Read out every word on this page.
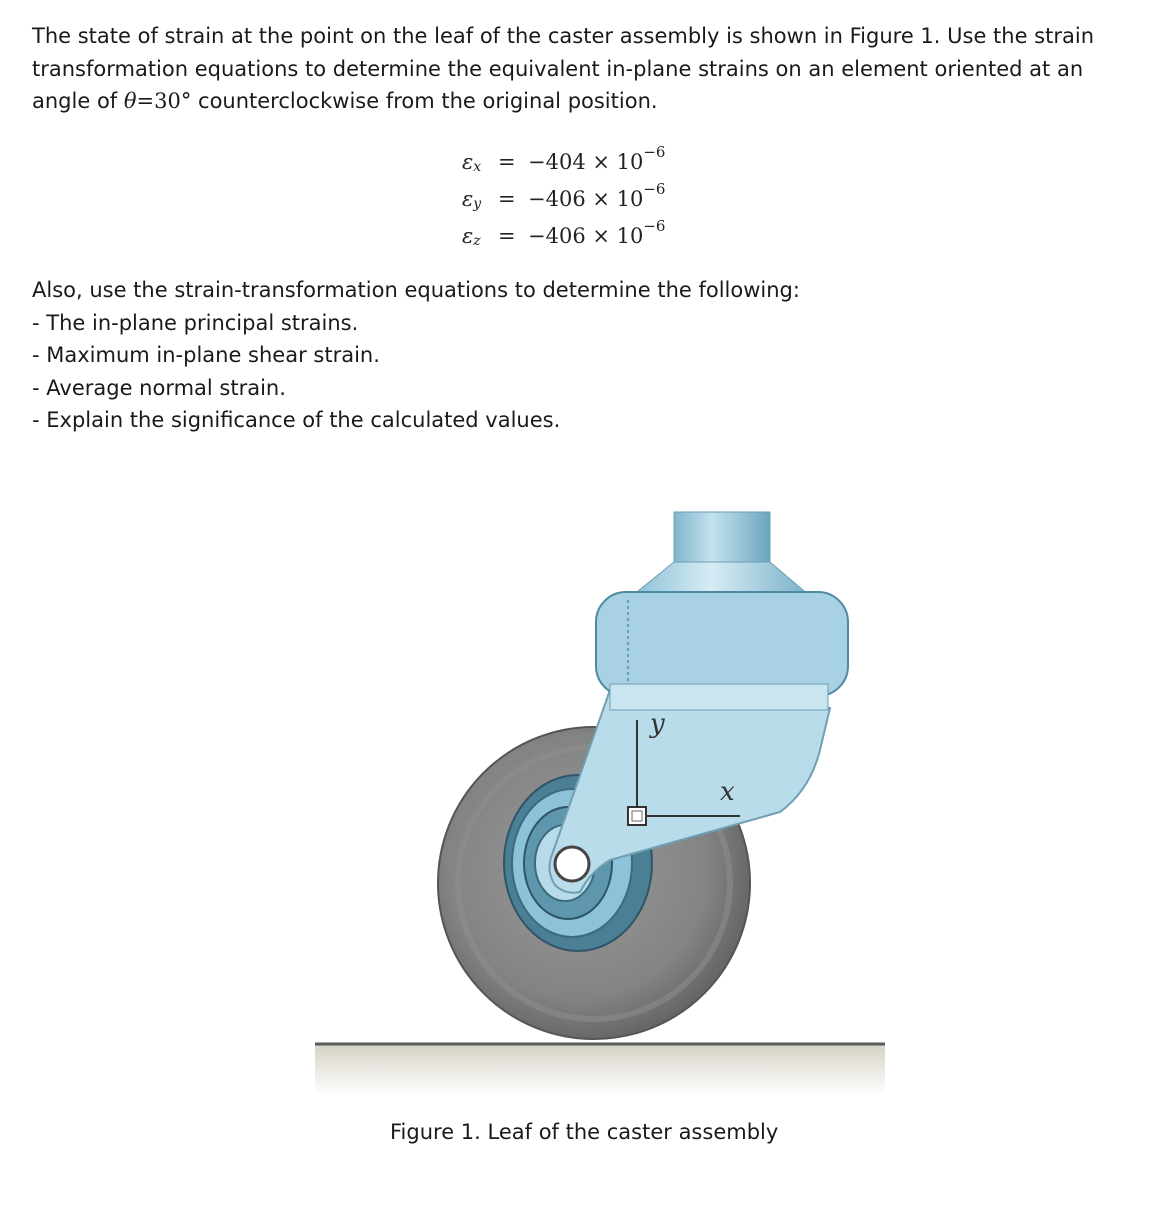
The state of strain at the point on the leaf of the caster assembly is shown in Figure 1. Use the strain transformation equations to determine the equivalent in-plane strains on an element oriented at an angle of θ=30° counterclockwise from the original position.
$\varepsilon_x = -404 \times 10^{-6}$
$\varepsilon_y = -406 \times 10^{-6}$
$\varepsilon_z = -406 \times 10^{-6}$
Also, use the strain-transformation equations to determine the following:
- The in-plane principal strains.
- Maximum in-plane shear strain.
- Average normal strain.
- Explain the significance of the calculated values.
y
x
Figure 1. Leaf of the caster assembly
